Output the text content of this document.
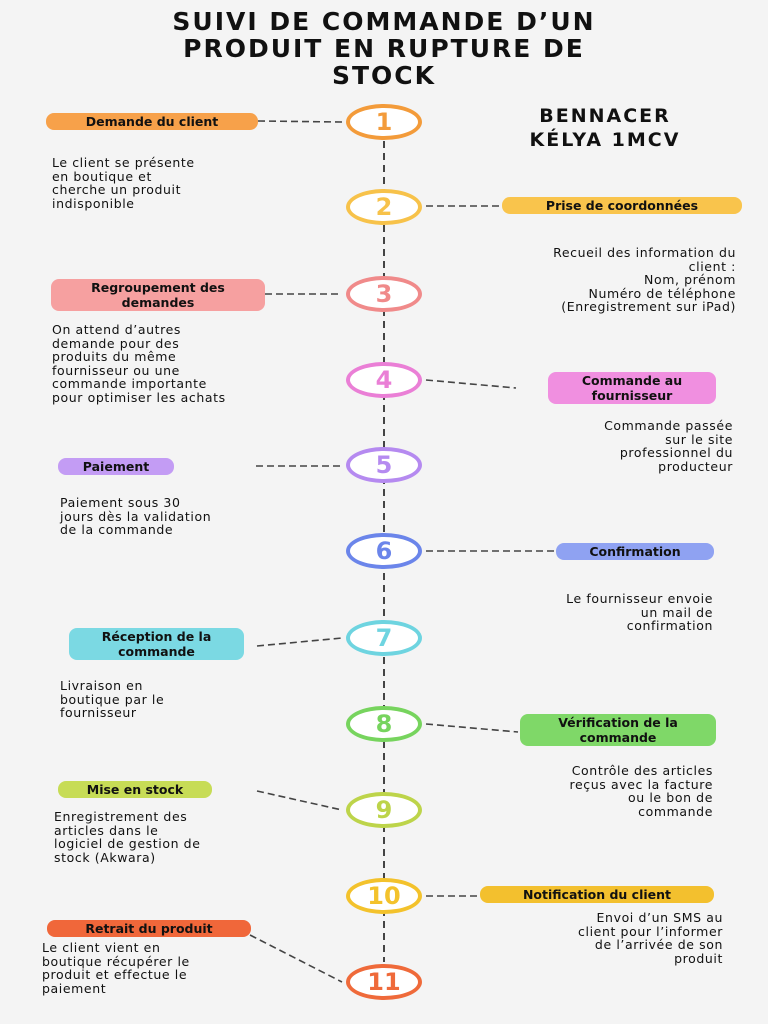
SUIVI DE COMMANDE D’UN
PRODUIT EN RUPTURE DE
STOCK
BENNACER
KÉLYA 1MCV
1
Demande du client
Le client se présente
en boutique et
cherche un produit
indisponible	2	Prise de coordonnées
Recueil des information du
client :
Nom, prénom
Numéro de téléphone
(Enregistrement sur iPad)
3
Regroupement des
demandes
On attend d’autres
demande pour des
produits du même
fournisseur ou une
commande importante
pour optimiser les achats
4	Commande au
fournisseur
Commande passée
sur le site
professionnel du
producteur
5
Paiement
Paiement sous 30
jours dès la validation
de la commande
6	Confirmation
Le fournisseur envoie
un mail de
confirmation
7
Réception de la
commande
Livraison en
boutique par le
fournisseur	8	Vérification de la
commande
Contrôle des articles
reçus avec la facture
ou le bon de
commande
9
Mise en stock
Enregistrement des
articles dans le
logiciel de gestion de
stock (Akwara)
10	Notification du client
Envoi d’un SMS au
client pour l’informer
de l’arrivée de son
produit
11
Retrait du produit
Le client vient en
boutique récupérer le
produit et effectue le
paiement
